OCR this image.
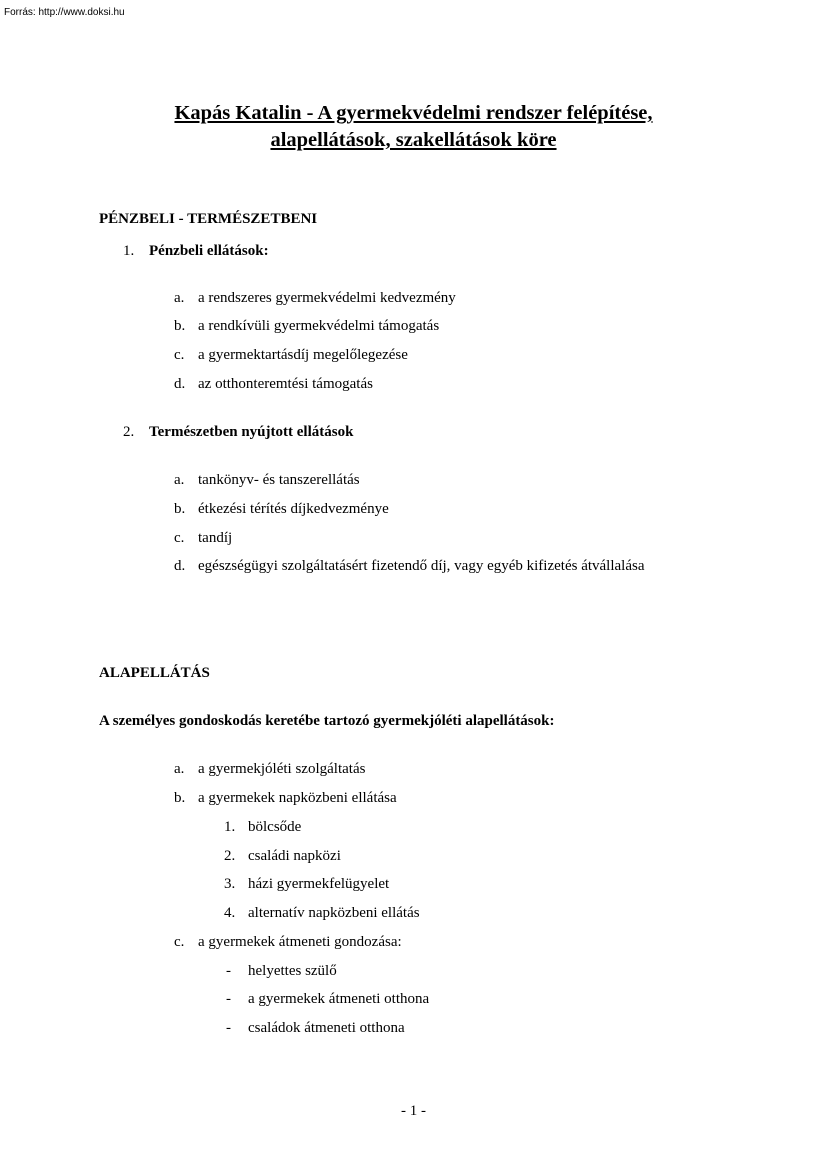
Forrás: http://www.doksi.hu
Kapás Katalin - A gyermekvédelmi rendszer felépítése,
alapellátások, szakellátások köre
PÉNZBELI - TERMÉSZETBENI
1. Pénzbeli ellátások:
a. a rendszeres gyermekvédelmi kedvezmény
b. a rendkívüli gyermekvédelmi támogatás
c. a gyermektartásdíj megelőlegezése
d. az otthonteremtési támogatás
2. Természetben nyújtott ellátások
a. tankönyv- és tanszerellátás
b. étkezési térítés díjkedvezménye
c. tandíj
d. egészségügyi szolgáltatásért fizetendő díj, vagy egyéb kifizetés átvállalása
ALAPELLÁTÁS
A személyes gondoskodás keretébe tartozó gyermekjóléti alapellátások:
a. a gyermekjóléti szolgáltatás
b. a gyermekek napközbeni ellátása
1. bölcsőde
2. családi napközi
3. házi gyermekfelügyelet
4. alternatív napközbeni ellátás
c. a gyermekek átmeneti gondozása:
- helyettes szülő
- a gyermekek átmeneti otthona
- családok átmeneti otthona
- 1 -
